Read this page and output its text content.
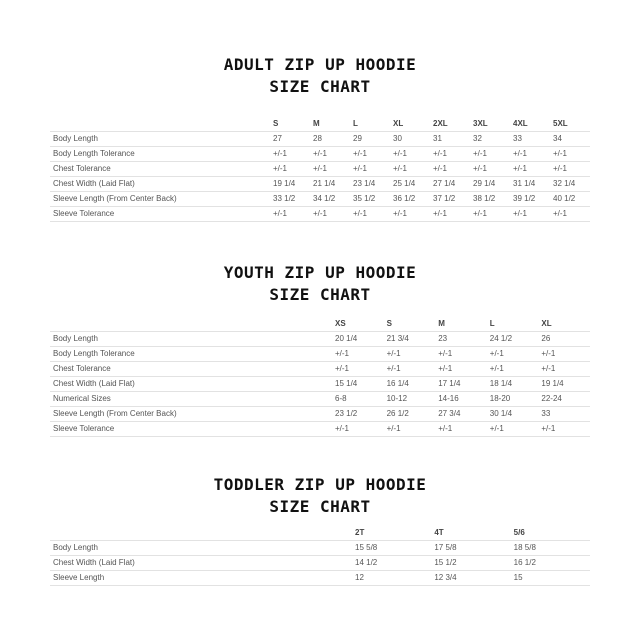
ADULT ZIP UP HOODIE
SIZE CHART
	S	M	L	XL	2XL	3XL	4XL	5XL
Body Length	27	28	29	30	31	32	33	34
Body Length Tolerance	+/-1	+/-1	+/-1	+/-1	+/-1	+/-1	+/-1	+/-1
Chest Tolerance	+/-1	+/-1	+/-1	+/-1	+/-1	+/-1	+/-1	+/-1
Chest Width (Laid Flat)	19 1/4	21 1/4	23 1/4	25 1/4	27 1/4	29 1/4	31 1/4	32 1/4
Sleeve Length (From Center Back)	33 1/2	34 1/2	35 1/2	36 1/2	37 1/2	38 1/2	39 1/2	40 1/2
Sleeve Tolerance	+/-1	+/-1	+/-1	+/-1	+/-1	+/-1	+/-1	+/-1
YOUTH ZIP UP HOODIE
SIZE CHART
	XS	S	M	L	XL
Body Length	20 1/4	21 3/4	23	24 1/2	26
Body Length Tolerance	+/-1	+/-1	+/-1	+/-1	+/-1
Chest Tolerance	+/-1	+/-1	+/-1	+/-1	+/-1
Chest Width (Laid Flat)	15 1/4	16 1/4	17 1/4	18 1/4	19 1/4
Numerical Sizes	6-8	10-12	14-16	18-20	22-24
Sleeve Length (From Center Back)	23 1/2	26 1/2	27 3/4	30 1/4	33
Sleeve Tolerance	+/-1	+/-1	+/-1	+/-1	+/-1
TODDLER ZIP UP HOODIE
SIZE CHART
	2T	4T	5/6
Body Length	15 5/8	17 5/8	18 5/8
Chest Width (Laid Flat)	14 1/2	15 1/2	16 1/2
Sleeve Length	12	12 3/4	15
